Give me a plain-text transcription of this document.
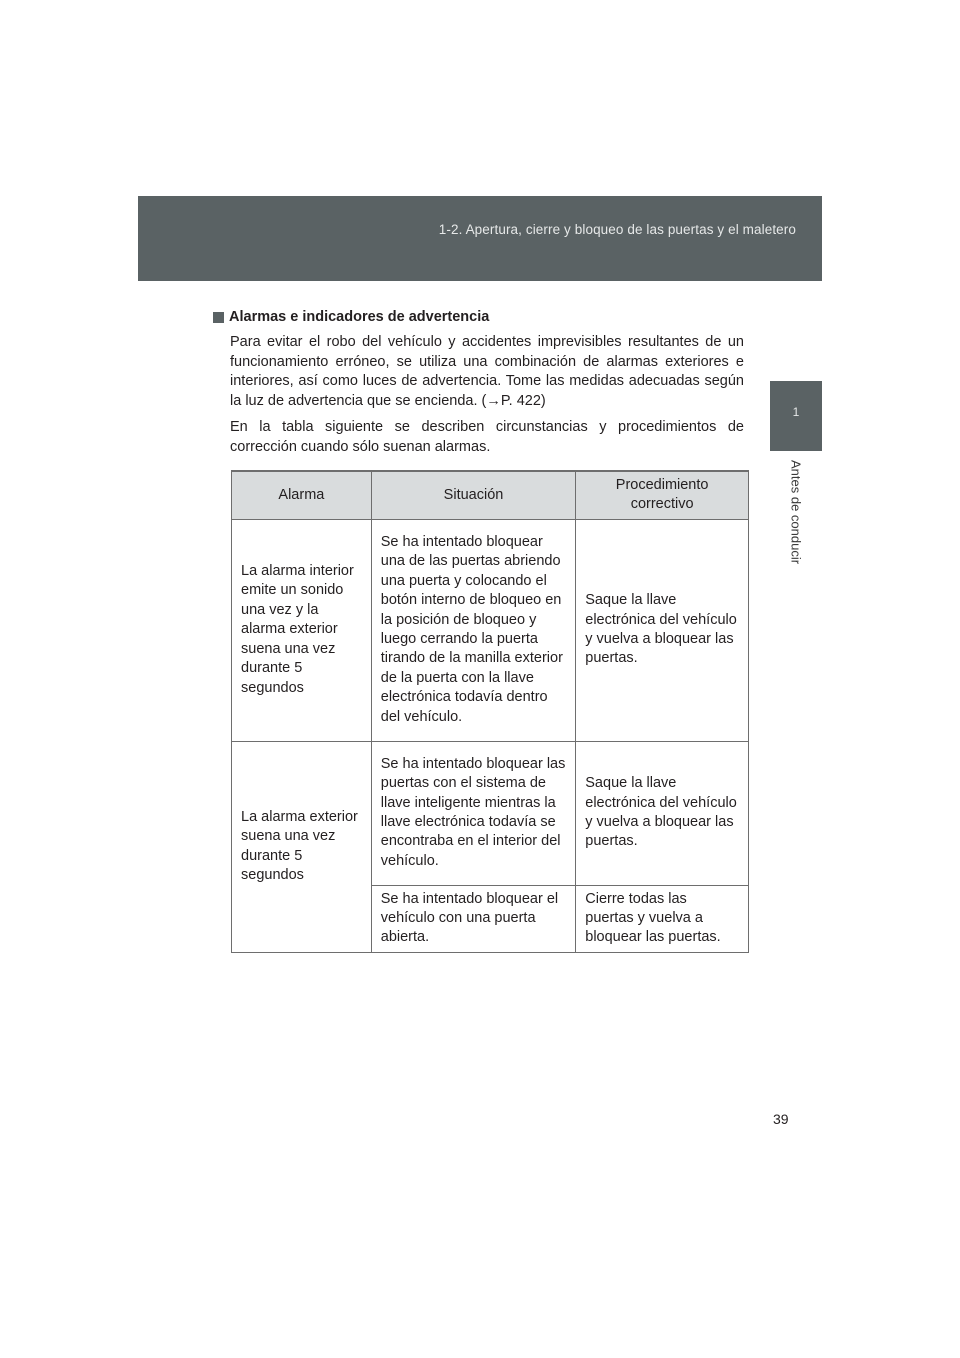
1-2. Apertura, cierre y bloqueo de las puertas y el maletero
1
Antes de conducir
Alarmas e indicadores de advertencia

Para evitar el robo del vehículo y accidentes imprevisibles resultantes de un funcionamiento erróneo, se utiliza una combinación de alarmas exteriores e interiores, así como luces de advertencia. Tome las medidas adecuadas según la luz de advertencia que se encienda. (→P. 422)

En la tabla siguiente se describen circunstancias y procedimientos de corrección cuando sólo suenan alarmas.

Alarma	Situación	Procedimiento correctivo
La alarma interior emite un sonido una vez y la alarma exterior suena una vez durante 5 segundos	Se ha intentado bloquear una de las puertas abriendo una puerta y colocando el botón interno de bloqueo en la posición de bloqueo y luego cerrando la puerta tirando de la manilla exterior de la puerta con la llave electrónica todavía dentro del vehículo.	Saque la llave electrónica del vehículo y vuelva a bloquear las puertas.
La alarma exterior suena una vez durante 5 segundos	Se ha intentado bloquear las puertas con el sistema de llave inteligente mientras la llave electrónica todavía se encontraba en el interior del vehículo.	Saque la llave electrónica del vehículo y vuelva a bloquear las puertas.
	Se ha intentado bloquear el vehículo con una puerta abierta.	Cierre todas las puertas y vuelva a bloquear las puertas.
39
